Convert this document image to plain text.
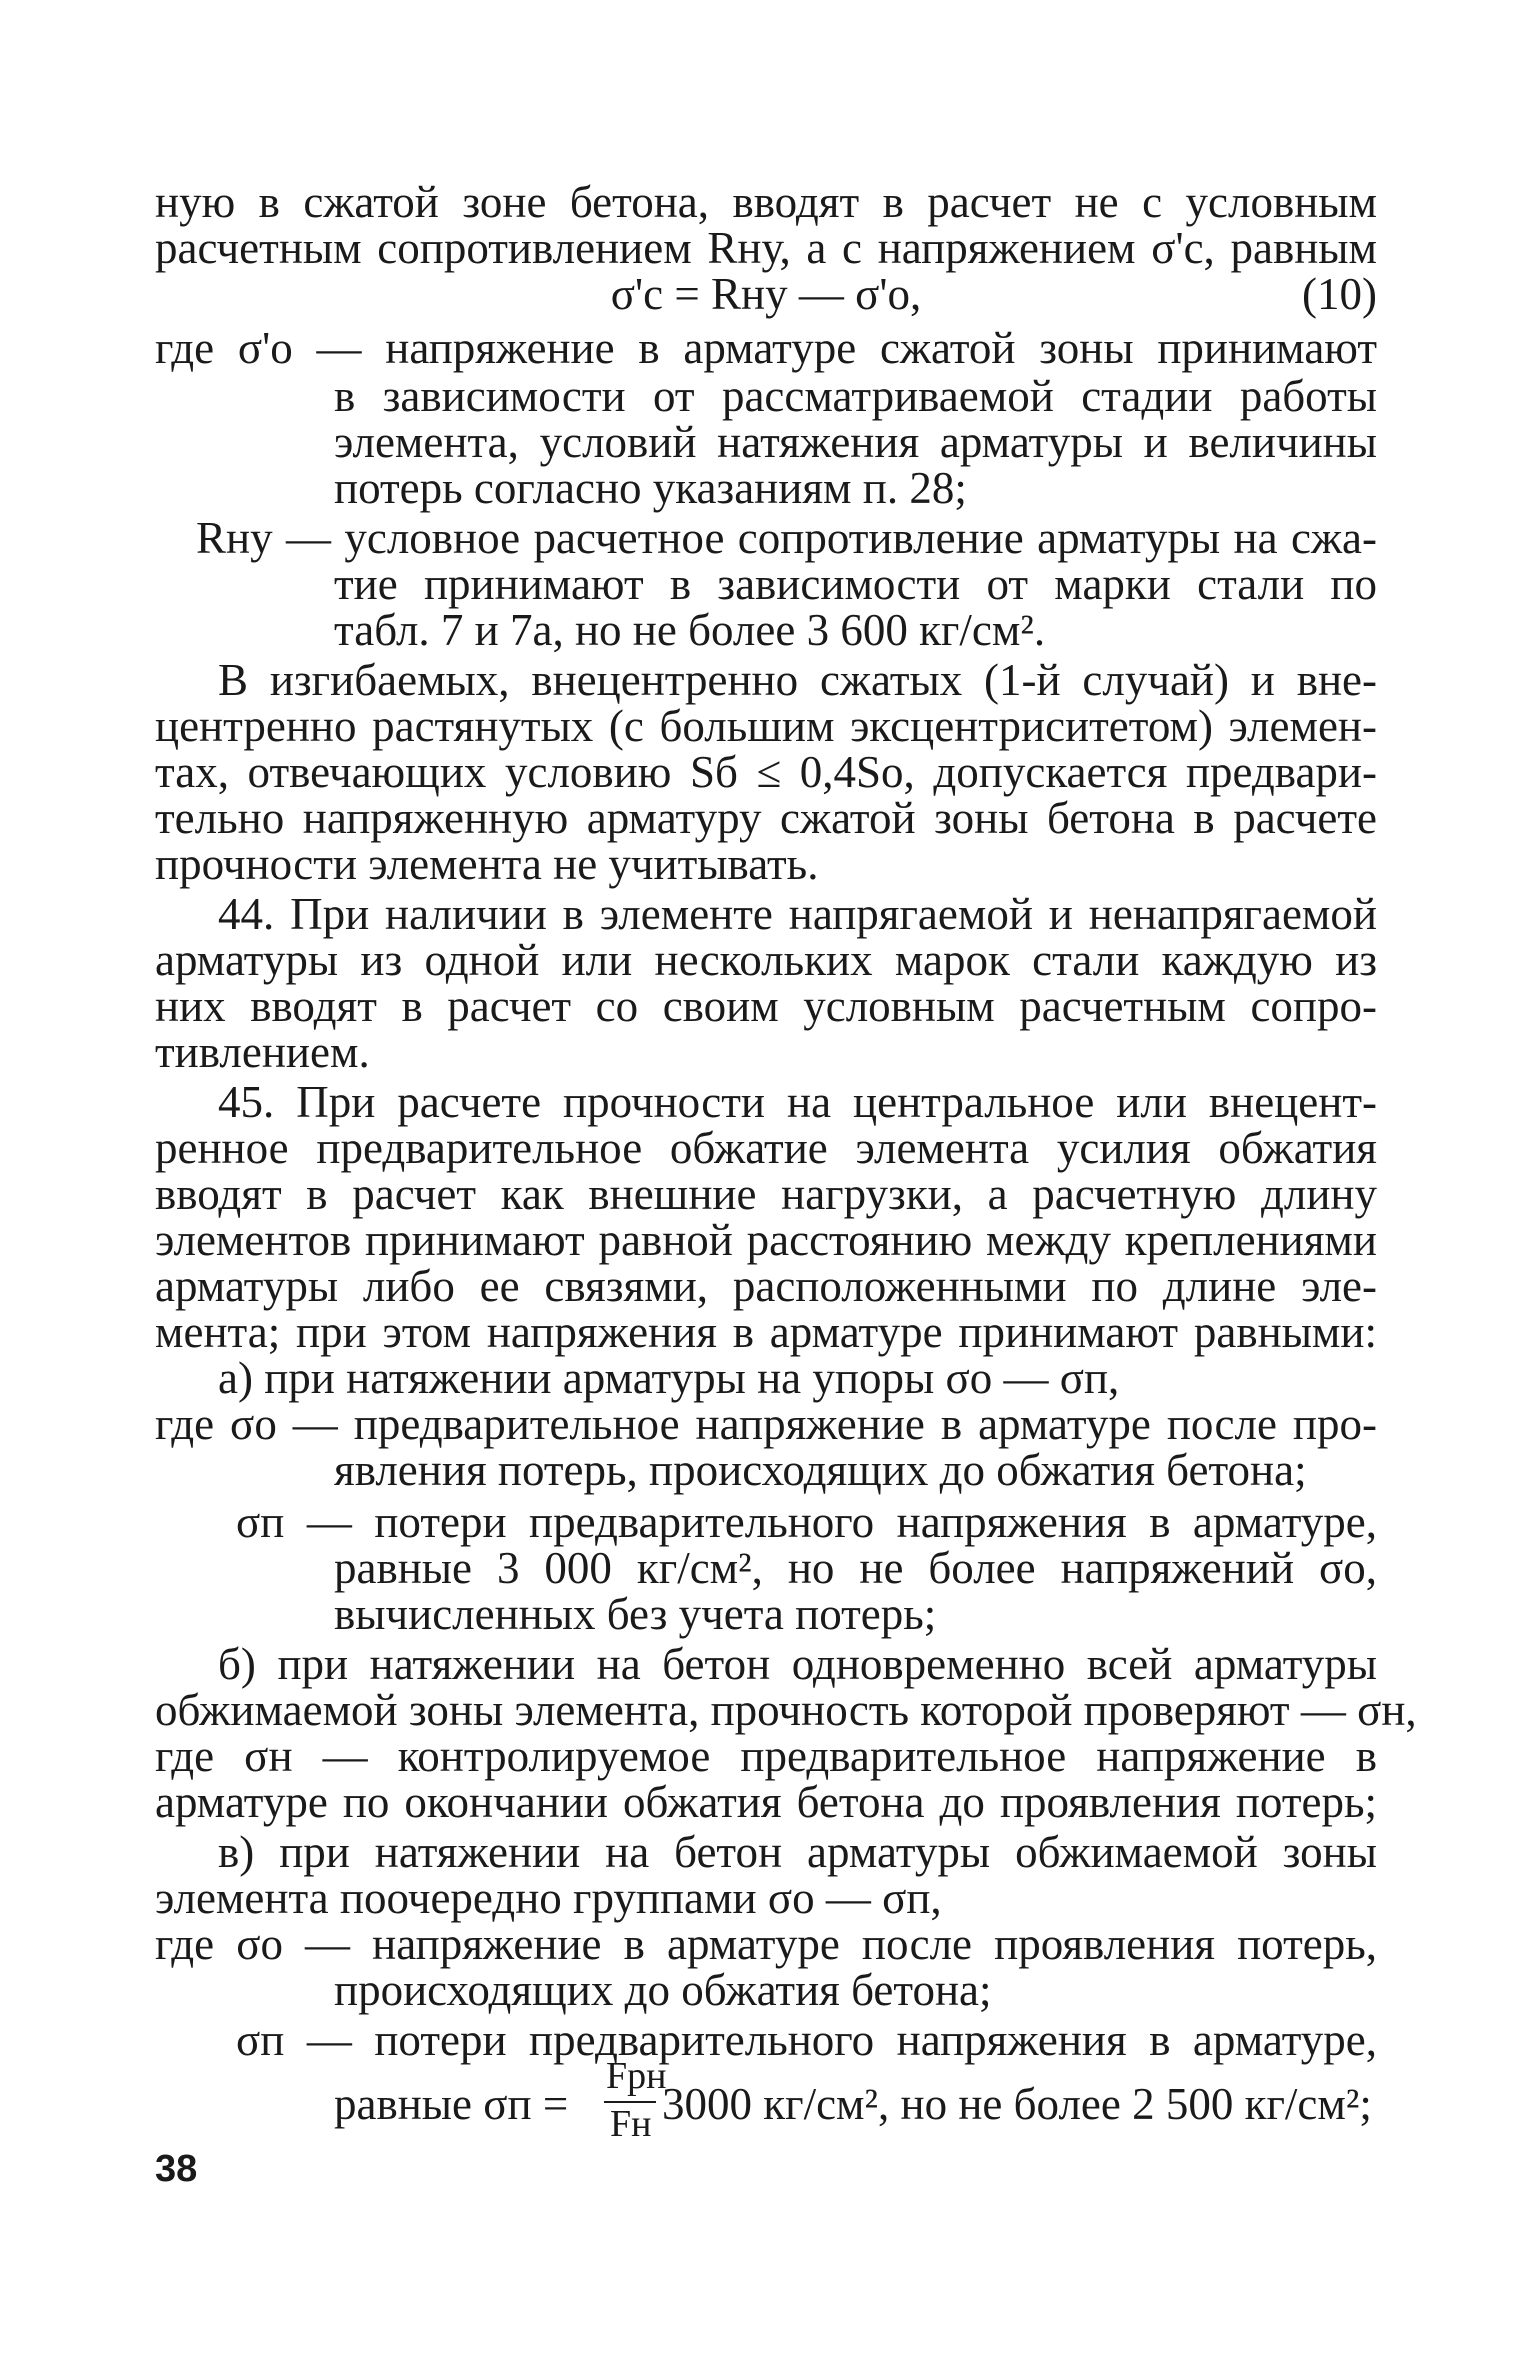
ную в сжатой зоне бетона, вводят в расчет не с условным
расчетным сопротивлением Rну, а с напряжением σ'с, равным
σ'с = Rну — σ'о,	(10)
где σ'о — напряжение в арматуре сжатой зоны принимают
в зависимости от рассматриваемой стадии работы
элемента, условий натяжения арматуры и величины
потерь согласно указаниям п. 28;
Rну — условное расчетное сопротивление арматуры на сжа-
тие принимают в зависимости от марки стали по
табл. 7 и 7а, но не более 3 600 кг/см².
В изгибаемых, внецентренно сжатых (1-й случай) и вне-
центренно растянутых (с большим эксцентриситетом) элемен-
тах, отвечающих условию Sб ≤ 0,4Sо, допускается предвари-
тельно напряженную арматуру сжатой зоны бетона в расчете
прочности элемента не учитывать.
44. При наличии в элементе напрягаемой и ненапрягаемой
арматуры из одной или нескольких марок стали каждую из
них вводят в расчет со своим условным расчетным сопро-
тивлением.
45. При расчете прочности на центральное или внецент-
ренное предварительное обжатие элемента усилия обжатия
вводят в расчет как внешние нагрузки, а расчетную длину
элементов принимают равной расстоянию между креплениями
арматуры либо ее связями, расположенными по длине эле-
мента; при этом напряжения в арматуре принимают равными:
а) при натяжении арматуры на упоры σо — σп,
где σо — предварительное напряжение в арматуре после про-
явления потерь, происходящих до обжатия бетона;
σп — потери предварительного напряжения в арматуре,
равные 3 000 кг/см², но не более напряжений σо,
вычисленных без учета потерь;
б) при натяжении на бетон одновременно всей арматуры
обжимаемой зоны элемента, прочность которой проверяют — σн,
где σн — контролируемое предварительное напряжение в
арматуре по окончании обжатия бетона до проявления потерь;
в) при натяжении на бетон арматуры обжимаемой зоны
элемента поочередно группами σо — σп,
где σо — напряжение в арматуре после проявления потерь,
происходящих до обжатия бетона;
σп — потери предварительного напряжения в арматуре,
равные σп =
Fрн
Fн 3000 кг/см², но не более 2 500 кг/см²;
38
